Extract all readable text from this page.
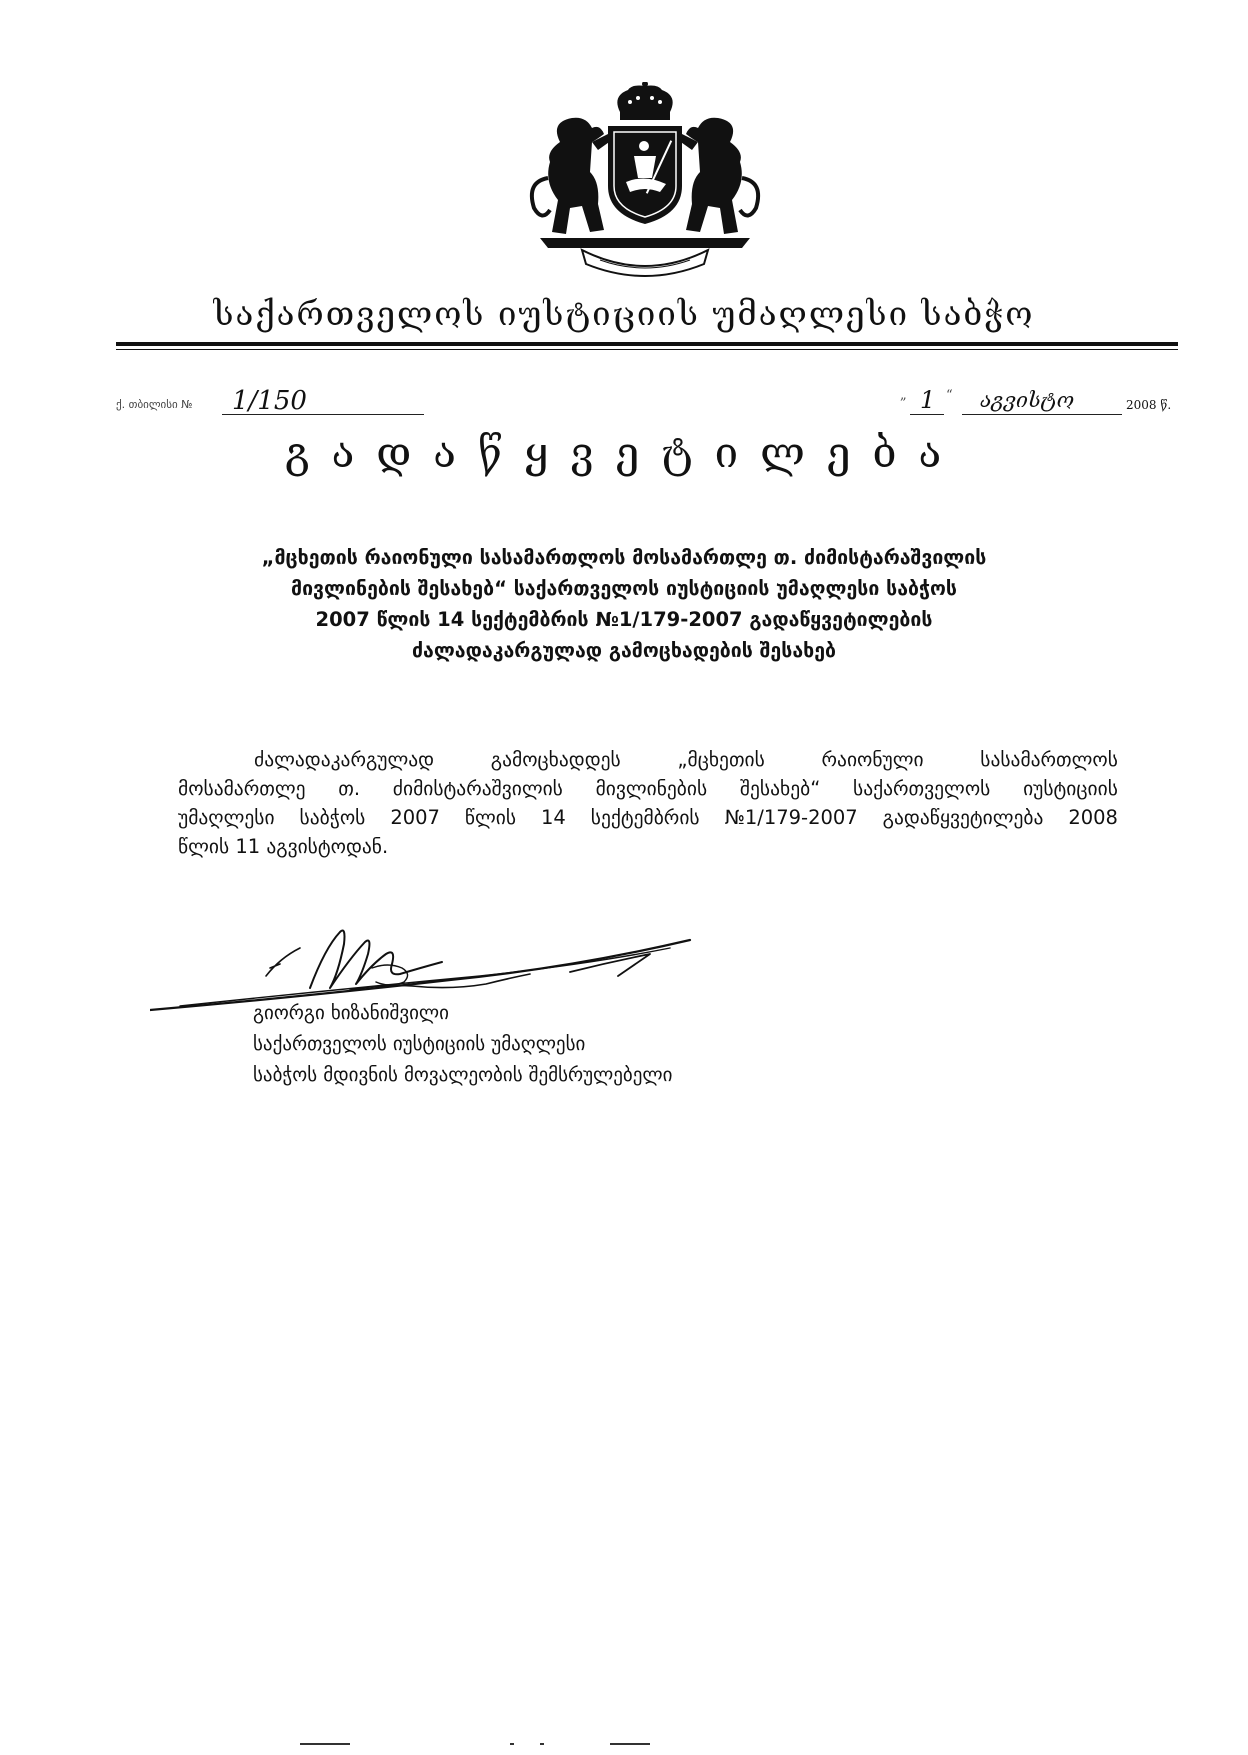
საქართველოს იუსტიციის უმაღლესი საბჭო
ქ. თბილისი № 1/150	„ 1 “ აგვისტო	2008 წ.
გადაწყვეტილება
„მცხეთის რაიონული სასამართლოს მოსამართლე თ. ძიმისტარაშვილის
მივლინების შესახებ“ საქართველოს იუსტიციის უმაღლესი საბჭოს
2007 წლის 14 სექტემბრის №1/179-2007 გადაწყვეტილების
ძალადაკარგულად გამოცხადების შესახებ
ძალადაკარგულად	გამოცხადდეს	„მცხეთის	რაიონული	სასამართლოს
მოსამართლე თ. ძიმისტარაშვილის მივლინების შესახებ“ საქართველოს იუსტიციის
უმაღლესი საბჭოს 2007 წლის 14 სექტემბრის №1/179-2007 გადაწყვეტილება 2008
წლის 11 აგვისტოდან.
გიორგი ხიზანიშვილი
საქართველოს იუსტიციის უმაღლესი
საბჭოს მდივნის მოვალეობის შემსრულებელი
